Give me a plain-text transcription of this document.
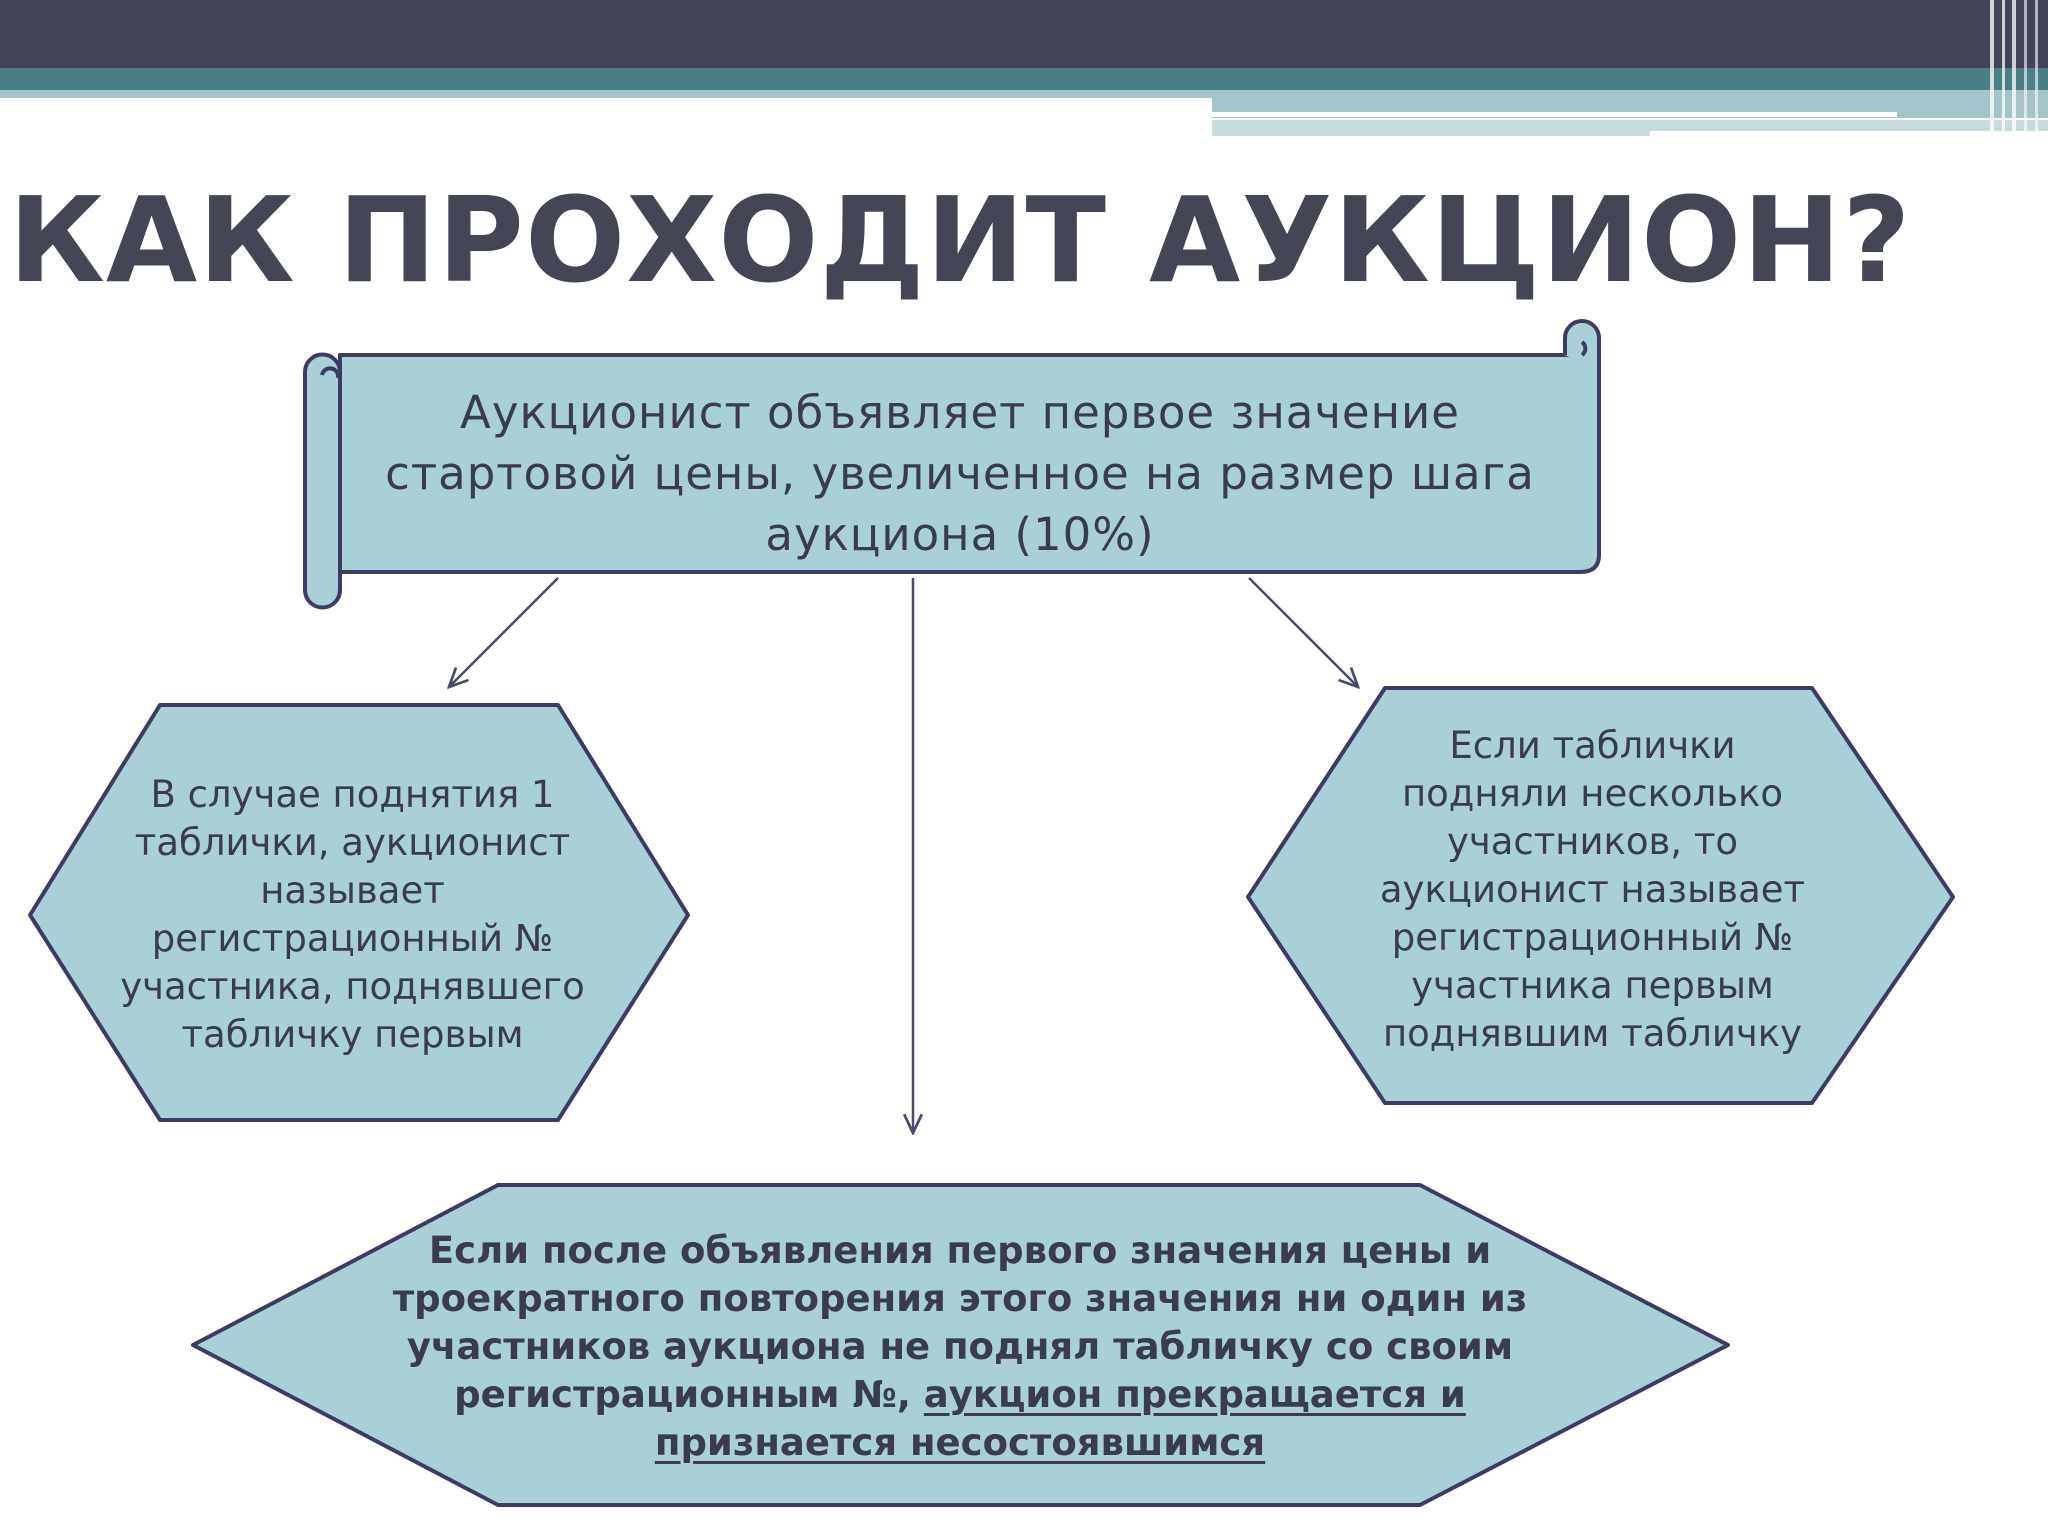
КАК ПРОХОДИТ АУКЦИОН?

Аукционист объявляет первое значение стартовой цены, увеличенное на размер шага аукциона (10%)

В случае поднятия 1 таблички, аукционист называет регистрационный № участника, поднявшего табличку первым

Если таблички подняли несколько участников, то аукционист называет регистрационный № участника первым поднявшим табличку

Если после объявления первого значения цены и троекратного повторения этого значения ни один из участников аукциона не поднял табличку со своим регистрационным №, аукцион прекращается и признается несостоявшимся
